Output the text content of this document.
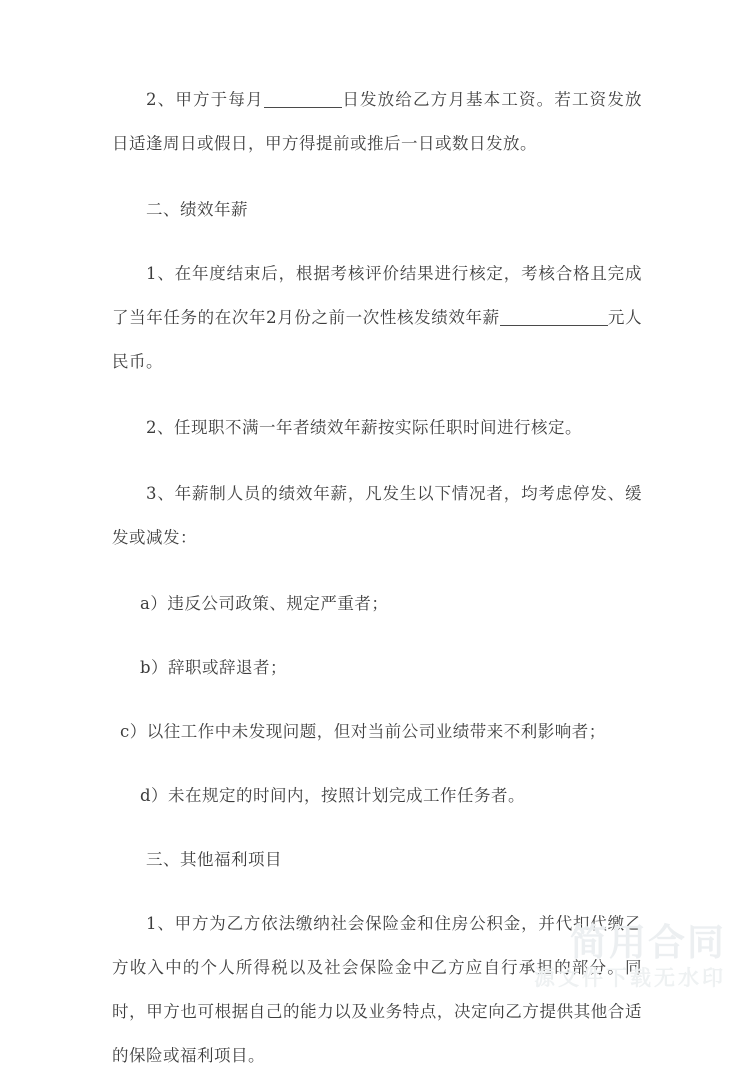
2、甲方于每月	日发放给乙方月基本工资。若工资发放日适逢周日或假日，甲方得提前或推后一日或数日发放。

二、绩效年薪

1、在年度结束后，根据考核评价结果进行核定，考核合格且完成了当年任务的在次年2月份之前一次性核发绩效年薪	元人民币。

2、任现职不满一年者绩效年薪按实际任职时间进行核定。

3、年薪制人员的绩效年薪，凡发生以下情况者，均考虑停发、缓发或减发：

a）违反公司政策、规定严重者；

b）辞职或辞退者；

c）以往工作中未发现问题，但对当前公司业绩带来不利影响者；

d）未在规定的时间内，按照计划完成工作任务者。

三、其他福利项目

1、甲方为乙方依法缴纳社会保险金和住房公积金，并代扣代缴乙方收入中的个人所得税以及社会保险金中乙方应自行承担的部分。同时，甲方也可根据自己的能力以及业务特点，决定向乙方提供其他合适的保险或福利项目。

简用合同
源文件下载无水印
